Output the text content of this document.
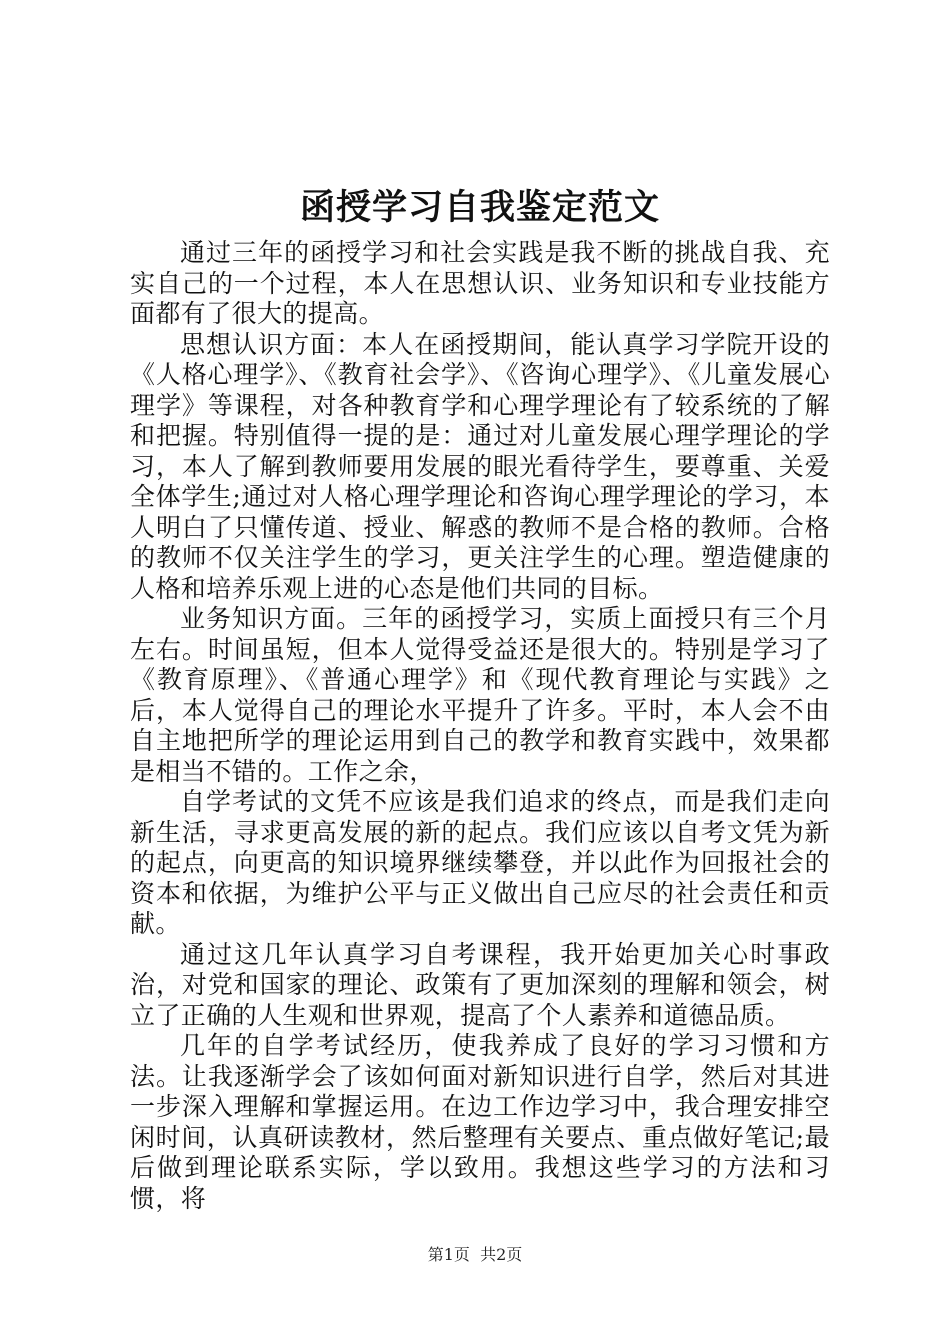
函授学习自我鉴定范文

通过三年的函授学习和社会实践是我不断的挑战自我、充实自己的一个过程，本人在思想认识、业务知识和专业技能方面都有了很大的提高。

思想认识方面：本人在函授期间，能认真学习学院开设的《人格心理学》、《教育社会学》、《咨询心理学》、《儿童发展心理学》等课程，对各种教育学和心理学理论有了较系统的了解和把握。特别值得一提的是：通过对儿童发展心理学理论的学习，本人了解到教师要用发展的眼光看待学生，要尊重、关爱全体学生;通过对人格心理学理论和咨询心理学理论的学习，本人明白了只懂传道、授业、解惑的教师不是合格的教师。合格的教师不仅关注学生的学习，更关注学生的心理。塑造健康的人格和培养乐观上进的心态是他们共同的目标。

业务知识方面。三年的函授学习，实质上面授只有三个月左右。时间虽短，但本人觉得受益还是很大的。特别是学习了《教育原理》、《普通心理学》和《现代教育理论与实践》之后，本人觉得自己的理论水平提升了许多。平时，本人会不由自主地把所学的理论运用到自己的教学和教育实践中，效果都是相当不错的。工作之余，

自学考试的文凭不应该是我们追求的终点，而是我们走向新生活，寻求更高发展的新的起点。我们应该以自考文凭为新的起点，向更高的知识境界继续攀登，并以此作为回报社会的资本和依据，为维护公平与正义做出自己应尽的社会责任和贡献。

通过这几年认真学习自考课程，我开始更加关心时事政治，对党和国家的理论、政策有了更加深刻的理解和领会，树立了正确的人生观和世界观，提高了个人素养和道德品质。

几年的自学考试经历，使我养成了良好的学习习惯和方法。让我逐渐学会了该如何面对新知识进行自学，然后对其进一步深入理解和掌握运用。在边工作边学习中，我合理安排空闲时间，认真研读教材，然后整理有关要点、重点做好笔记;最后做到理论联系实际，学以致用。我想这些学习的方法和习惯，将

第1页 共2页
